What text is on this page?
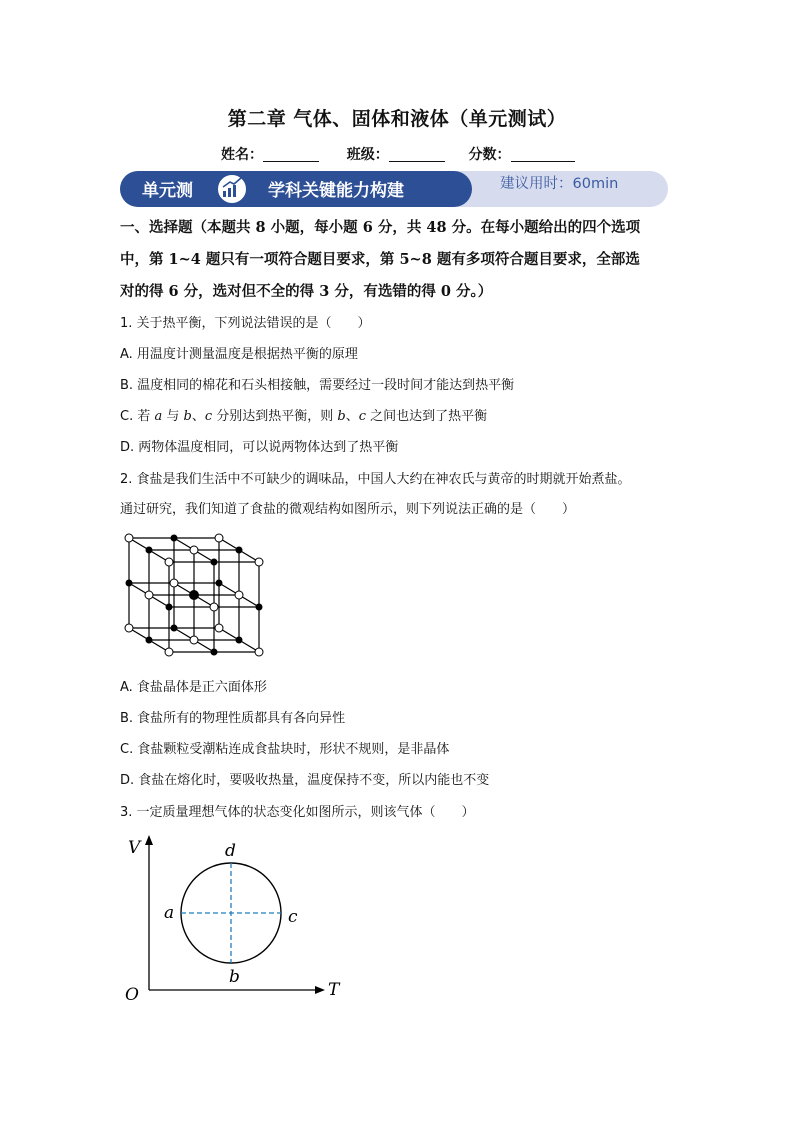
第二章 气体、固体和液体（单元测试）
姓名：	班级：	分数：
单元测	学科关键能力构建	建议用时：60min
一、选择题（本题共 8 小题，每小题 6 分，共 48 分。在每小题给出的四个选项
中，第 1~4 题只有一项符合题目要求，第 5~8 题有多项符合题目要求，全部选
对的得 6 分，选对但不全的得 3 分，有选错的得 0 分。）
1. 关于热平衡，下列说法错误的是（　　）
A. 用温度计测量温度是根据热平衡的原理
B. 温度相同的棉花和石头相接触，需要经过一段时间才能达到热平衡
C. 若 a 与 b、c 分别达到热平衡，则 b、c 之间也达到了热平衡
D. 两物体温度相同，可以说两物体达到了热平衡
2. 食盐是我们生活中不可缺少的调味品，中国人大约在神农氏与黄帝的时期就开始煮盐。
通过研究，我们知道了食盐的微观结构如图所示，则下列说法正确的是（　　）
A. 食盐晶体是正六面体形
B. 食盐所有的物理性质都具有各向异性
C. 食盐颗粒受潮粘连成食盐块时，形状不规则，是非晶体
D. 食盐在熔化时，要吸收热量，温度保持不变，所以内能也不变
3. 一定质量理想气体的状态变化如图所示，则该气体（　　）
V
T
O
a	c
d
b
